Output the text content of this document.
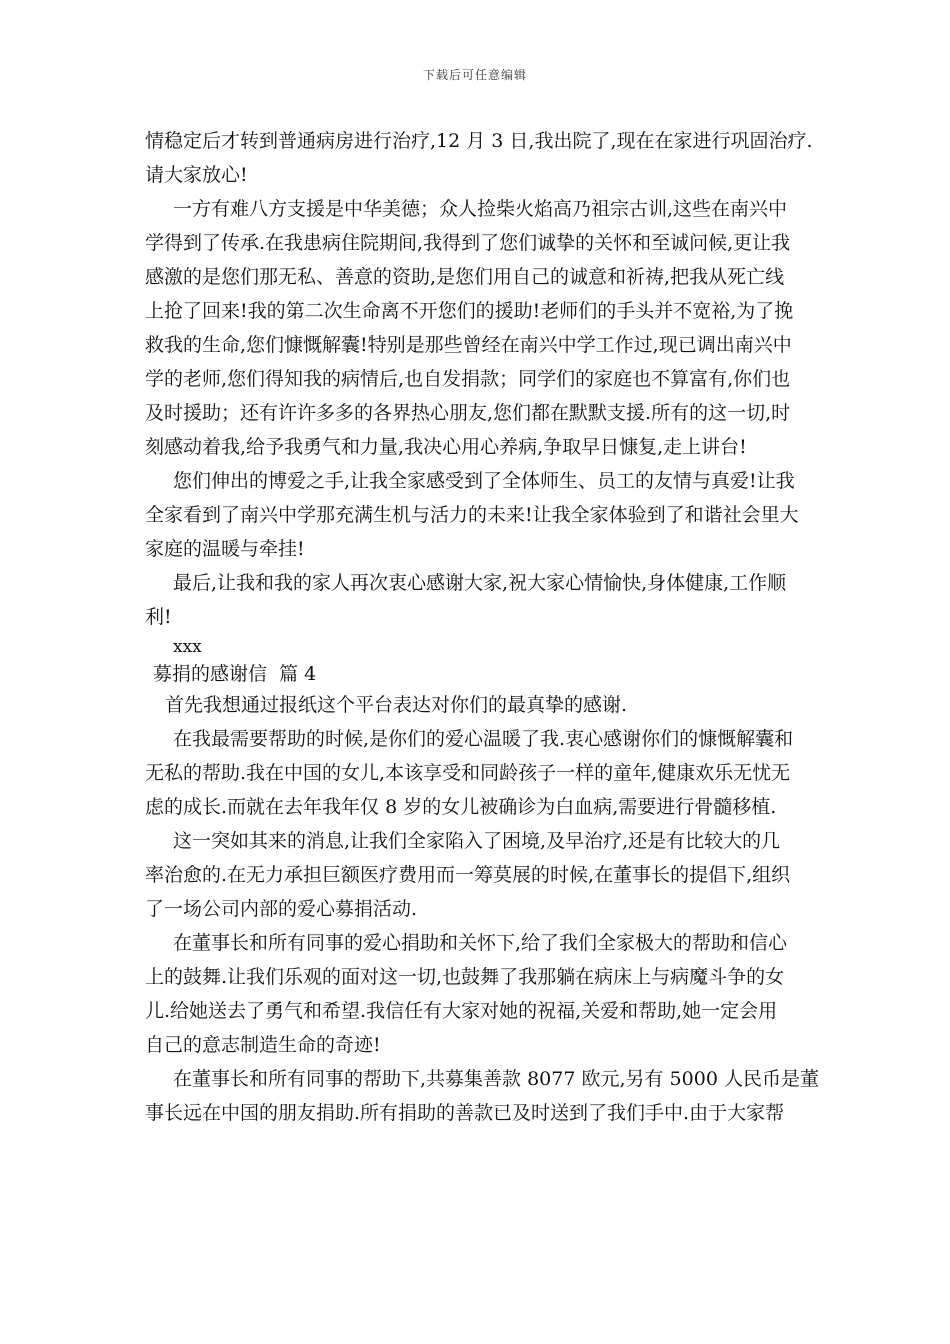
下载后可任意编辑

情稳定后才转到普通病房进行治疗,12 月 3 日,我出院了,现在在家进行巩固治疗.

请大家放心!

一方有难八方支援是中华美德；众人捡柴火焰高乃祖宗古训,这些在南兴中

学得到了传承.在我患病住院期间,我得到了您们诚挚的关怀和至诚问候,更让我

感激的是您们那无私、善意的资助,是您们用自己的诚意和祈祷,把我从死亡线

上抢了回来!我的第二次生命离不开您们的援助!老师们的手头并不宽裕,为了挽

救我的生命,您们慷慨解囊!特别是那些曾经在南兴中学工作过,现已调出南兴中

学的老师,您们得知我的病情后,也自发捐款；同学们的家庭也不算富有,你们也

及时援助；还有许许多多的各界热心朋友,您们都在默默支援.所有的这一切,时

刻感动着我,给予我勇气和力量,我决心用心养病,争取早日慷复,走上讲台!

您们伸出的博爱之手,让我全家感受到了全体师生、员工的友情与真爱!让我

全家看到了南兴中学那充满生机与活力的未来!让我全家体验到了和谐社会里大

家庭的温暖与牵挂!

最后,让我和我的家人再次衷心感谢大家,祝大家心情愉快,身体健康,工作顺

利!

xxx

募捐的感谢信  篇 4

首先我想通过报纸这个平台表达对你们的最真挚的感谢.

在我最需要帮助的时候,是你们的爱心温暖了我.衷心感谢你们的慷慨解囊和

无私的帮助.我在中国的女儿,本该享受和同龄孩子一样的童年,健康欢乐无忧无

虑的成长.而就在去年我年仅 8 岁的女儿被确诊为白血病,需要进行骨髓移植.

这一突如其来的消息,让我们全家陷入了困境,及早治疗,还是有比较大的几

率治愈的.在无力承担巨额医疗费用而一筹莫展的时候,在董事长的提倡下,组织

了一场公司内部的爱心募捐活动.

在董事长和所有同事的爱心捐助和关怀下,给了我们全家极大的帮助和信心

上的鼓舞.让我们乐观的面对这一切,也鼓舞了我那躺在病床上与病魔斗争的女

儿.给她送去了勇气和希望.我信任有大家对她的祝福,关爱和帮助,她一定会用

自己的意志制造生命的奇迹!

在董事长和所有同事的帮助下,共募集善款 8077 欧元,另有 5000 人民币是董

事长远在中国的朋友捐助.所有捐助的善款已及时送到了我们手中.由于大家帮
